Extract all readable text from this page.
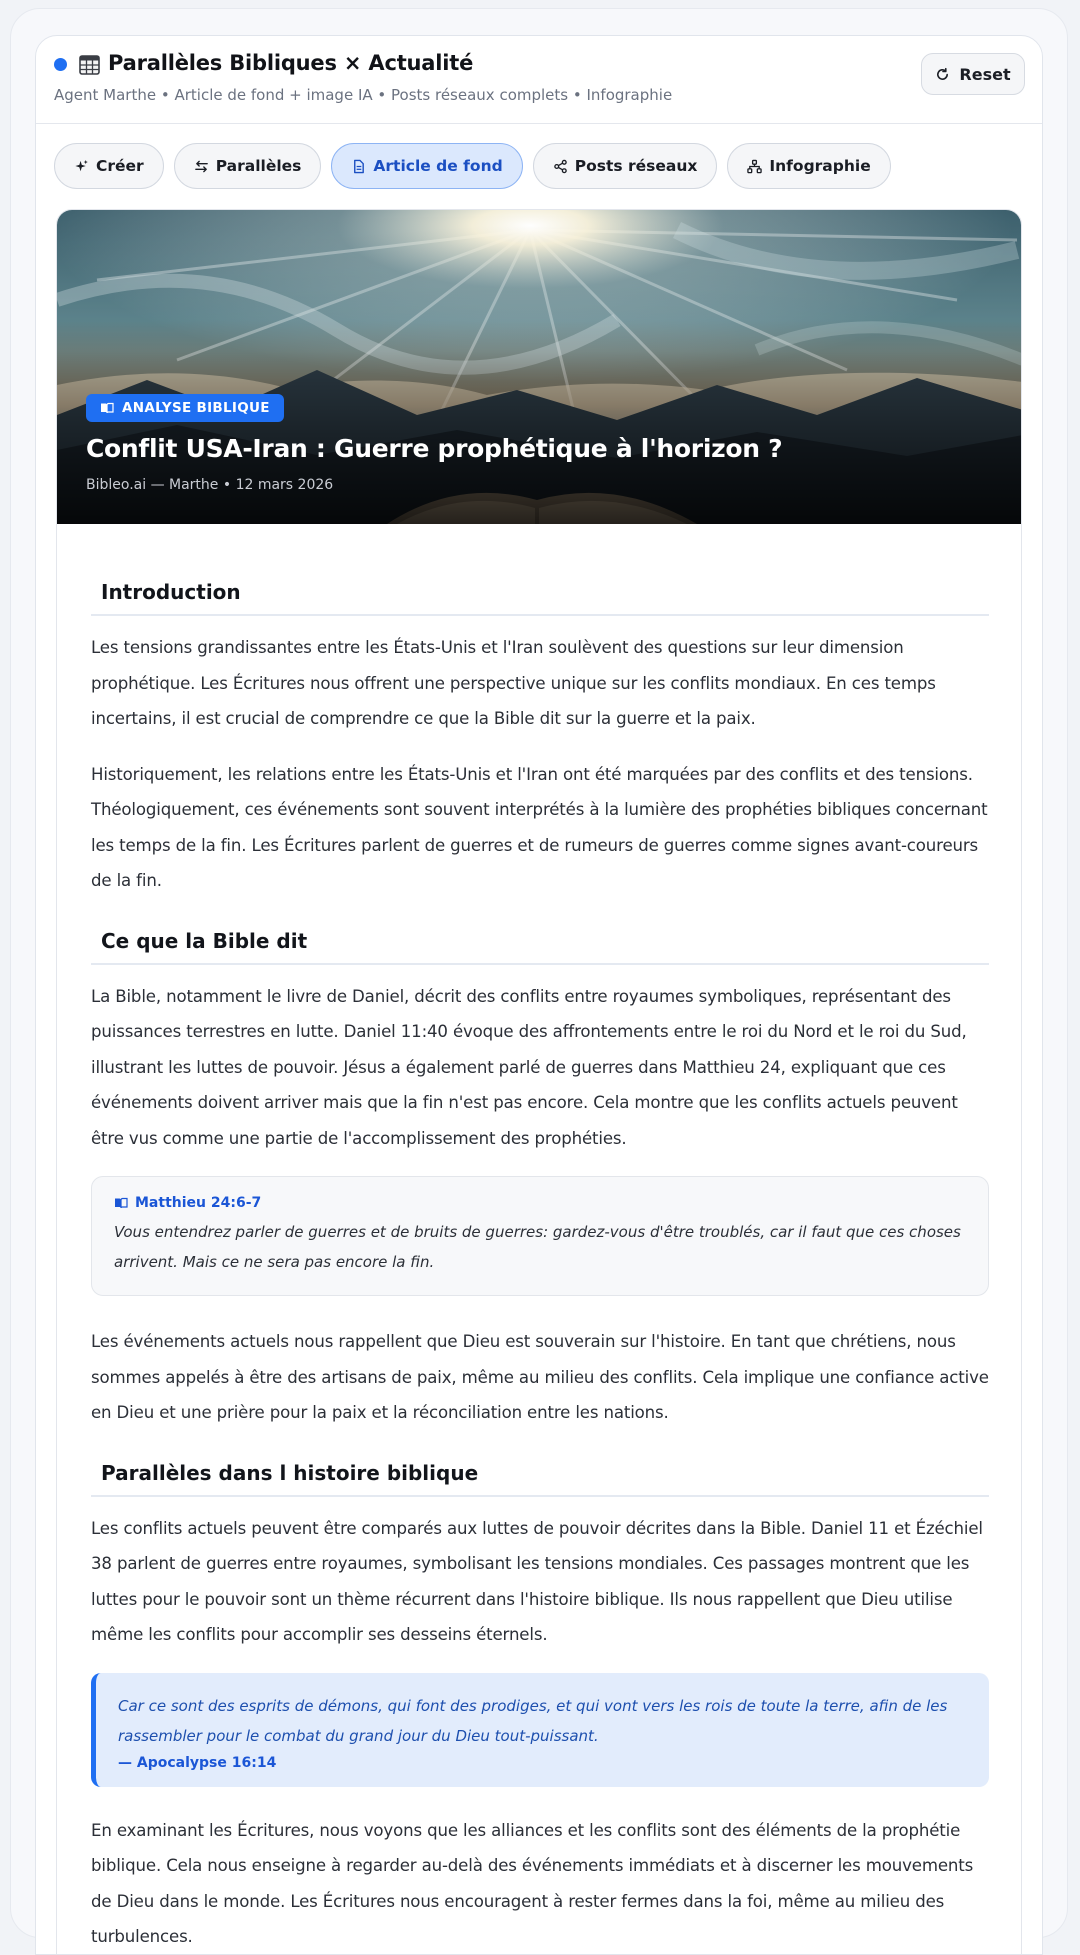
Parallèles Bibliques × Actualité
Agent Marthe • Article de fond + image IA • Posts réseaux complets • Infographie
Reset
Créer	Parallèles	Article de fond	Posts réseaux	Infographie
ANALYSE BIBLIQUE
Conflit USA-Iran : Guerre prophétique à l'horizon ?
Bibleo.ai — Marthe • 12 mars 2026
Introduction

Les tensions grandissantes entre les États-Unis et l'Iran soulèvent des questions sur leur dimension prophétique. Les Écritures nous offrent une perspective unique sur les conflits mondiaux. En ces temps incertains, il est crucial de comprendre ce que la Bible dit sur la guerre et la paix.

Historiquement, les relations entre les États-Unis et l'Iran ont été marquées par des conflits et des tensions. Théologiquement, ces événements sont souvent interprétés à la lumière des prophéties bibliques concernant les temps de la fin. Les Écritures parlent de guerres et de rumeurs de guerres comme signes avant-coureurs de la fin.

Ce que la Bible dit

La Bible, notamment le livre de Daniel, décrit des conflits entre royaumes symboliques, représentant des puissances terrestres en lutte. Daniel 11:40 évoque des affrontements entre le roi du Nord et le roi du Sud, illustrant les luttes de pouvoir. Jésus a également parlé de guerres dans Matthieu 24, expliquant que ces événements doivent arriver mais que la fin n'est pas encore. Cela montre que les conflits actuels peuvent être vus comme une partie de l'accomplissement des prophéties.

Matthieu 24:6-7
Vous entendrez parler de guerres et de bruits de guerres: gardez-vous d'être troublés, car il faut que ces choses arrivent. Mais ce ne sera pas encore la fin.

Les événements actuels nous rappellent que Dieu est souverain sur l'histoire. En tant que chrétiens, nous sommes appelés à être des artisans de paix, même au milieu des conflits. Cela implique une confiance active en Dieu et une prière pour la paix et la réconciliation entre les nations.

Parallèles dans l histoire biblique

Les conflits actuels peuvent être comparés aux luttes de pouvoir décrites dans la Bible. Daniel 11 et Ézéchiel 38 parlent de guerres entre royaumes, symbolisant les tensions mondiales. Ces passages montrent que les luttes pour le pouvoir sont un thème récurrent dans l'histoire biblique. Ils nous rappellent que Dieu utilise même les conflits pour accomplir ses desseins éternels.

Car ce sont des esprits de démons, qui font des prodiges, et qui vont vers les rois de toute la terre, afin de les rassembler pour le combat du grand jour du Dieu tout-puissant.
— Apocalypse 16:14

En examinant les Écritures, nous voyons que les alliances et les conflits sont des éléments de la prophétie biblique. Cela nous enseigne à regarder au-delà des événements immédiats et à discerner les mouvements de Dieu dans le monde. Les Écritures nous encouragent à rester fermes dans la foi, même au milieu des turbulences.
